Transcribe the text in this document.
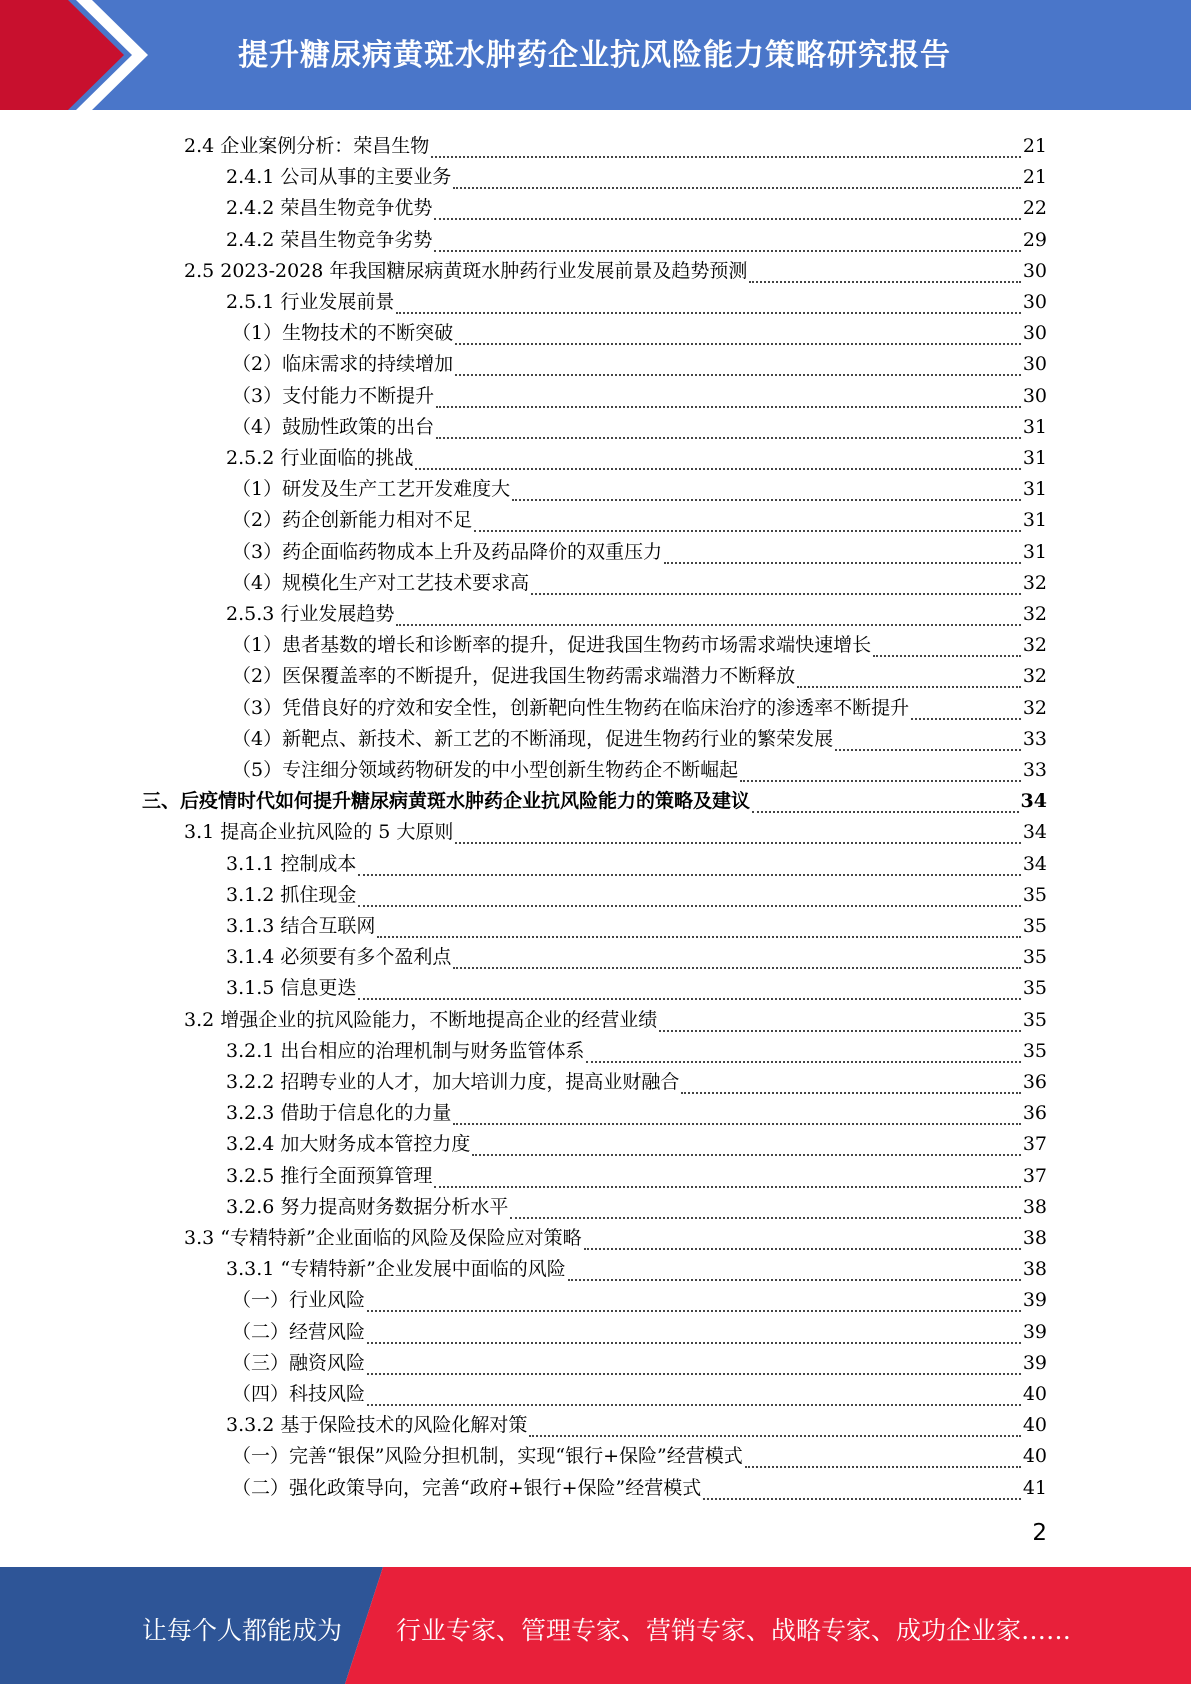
提升糖尿病黄斑水肿药企业抗风险能力策略研究报告
2.4 企业案例分析：荣昌生物	21
2.4.1 公司从事的主要业务	21
2.4.2 荣昌生物竞争优势	22
2.4.2 荣昌生物竞争劣势	29
2.5 2023-2028 年我国糖尿病黄斑水肿药行业发展前景及趋势预测	30
2.5.1 行业发展前景	30
（1）生物技术的不断突破	30
（2）临床需求的持续增加	30
（3）支付能力不断提升	30
（4）鼓励性政策的出台	31
2.5.2 行业面临的挑战	31
（1）研发及生产工艺开发难度大	31
（2）药企创新能力相对不足	31
（3）药企面临药物成本上升及药品降价的双重压力	31
（4）规模化生产对工艺技术要求高	32
2.5.3 行业发展趋势	32
（1）患者基数的增长和诊断率的提升，促进我国生物药市场需求端快速增长	32
（2）医保覆盖率的不断提升，促进我国生物药需求端潜力不断释放	32
（3）凭借良好的疗效和安全性，创新靶向性生物药在临床治疗的渗透率不断提升	32
（4）新靶点、新技术、新工艺的不断涌现，促进生物药行业的繁荣发展	33
（5）专注细分领域药物研发的中小型创新生物药企不断崛起	33
三、后疫情时代如何提升糖尿病黄斑水肿药企业抗风险能力的策略及建议	34
3.1 提高企业抗风险的 5 大原则	34
3.1.1 控制成本	34
3.1.2 抓住现金	35
3.1.3 结合互联网	35
3.1.4 必须要有多个盈利点	35
3.1.5 信息更迭	35
3.2 增强企业的抗风险能力，不断地提高企业的经营业绩	35
3.2.1 出台相应的治理机制与财务监管体系	35
3.2.2 招聘专业的人才，加大培训力度，提高业财融合	36
3.2.3 借助于信息化的力量	36
3.2.4 加大财务成本管控力度	37
3.2.5 推行全面预算管理	37
3.2.6 努力提高财务数据分析水平	38
3.3 “专精特新”企业面临的风险及保险应对策略	38
3.3.1 “专精特新”企业发展中面临的风险	38
（一）行业风险	39
（二）经营风险	39
（三）融资风险	39
（四）科技风险	40
3.3.2 基于保险技术的风险化解对策	40
（一）完善“银保”风险分担机制，实现“银行+保险”经营模式	40
（二）强化政策导向，完善“政府+银行+保险”经营模式	41
2
让每个人都能成为 行业专家、管理专家、营销专家、战略专家、成功企业家……
